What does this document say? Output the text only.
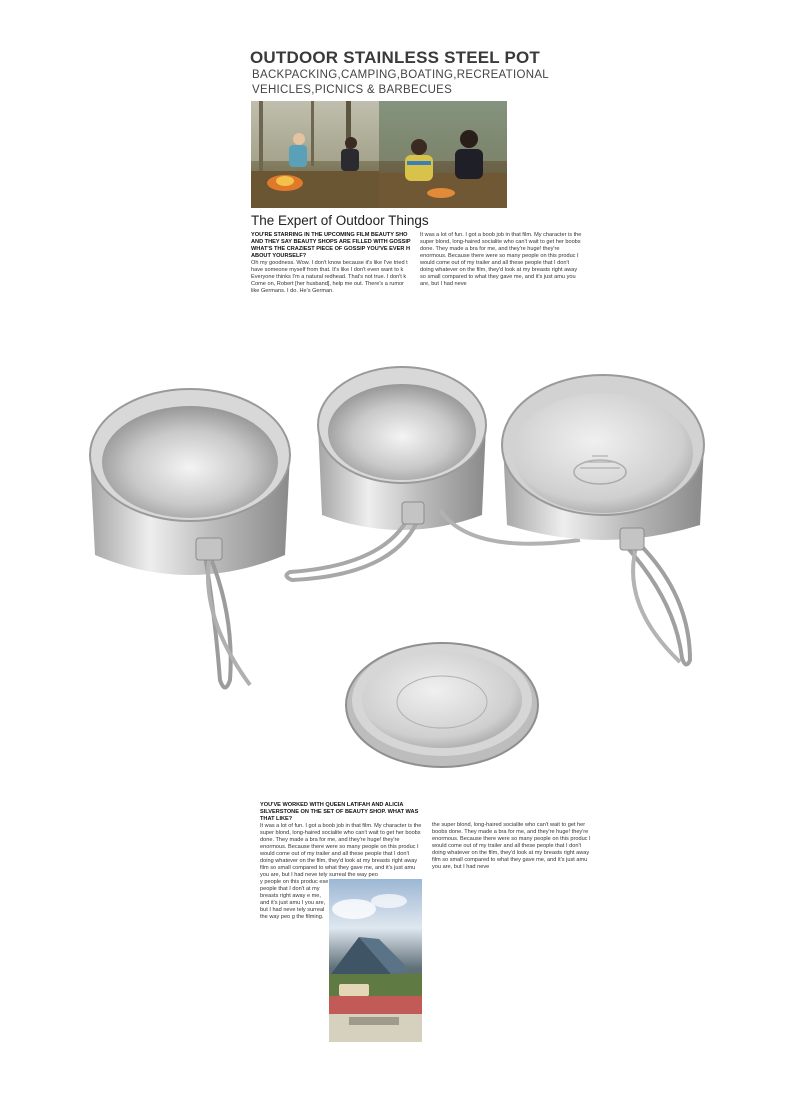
OUTDOOR STAINLESS STEEL POT
BACKPACKING,CAMPING,BOATING,RECREATIONAL VEHICLES,PICNICS & BARBECUES
The Expert of Outdoor Things
YOU'RE STARRING IN THE UPCOMING FILM BEAUTY SHO AND THEY SAY BEAUTY SHOPS ARE FILLED WITH GOSSIP WHAT'S THE CRAZIEST PIECE OF GOSSIP YOU'VE EVER H ABOUT YOURSELF?
Oh my goodness. Wow. I don't know because it's like I've tried t have someone myself from that. It's like I don't even want to k Everyone thinks I'm a natural redhead. That's not true. I don't k Come on, Robert [her husband], help me out. There's a rumor like Germans. I do. He's German.
It was a lot of fun. I got a boob job in that film. My character is the super blond, long-haired socialite who can't wait to get her boobs done. They made a bra for me, and they're huge! they're enormous. Because there were so many people on this produc I would come out of my trailer and all these people that I don't doing whatever on the film, they'd look at my breasts right away so small compared to what they gave me, and it's just amu you are, but I had neve
YOU'VE WORKED WITH QUEEN LATIFAH AND ALICIA SILVERSTONE ON THE SET OF BEAUTY SHOP. WHAT WAS THAT LIKE?
It was a lot of fun. I got a boob job in that film. My character is the super blond, long-haired socialite who can't wait to get her boobs done. They made a bra for me, and they're huge! they're enormous. Because there were so many people on this produc I would come out of my trailer and all these people that I don't doing whatever on the film, they'd look at my breasts right away film so small compared to what they gave me, and it's just amu you are, but I had neve tely surreal the way peo
y people on this produc ese people that I don't at my breasts right away e me, and it's just amu I you are, but I had neve tely surreal the way peo g the filming.
the super blond, long-haired socialite who can't wait to get her boobs done. They made a bra for me, and they're huge! they're enormous. Because there were so many people on this produc I would come out of my trailer and all these people that I don't doing whatever on the film, they'd look at my breasts right away film so small compared to what they gave me, and it's just amu you are, but I had neve
